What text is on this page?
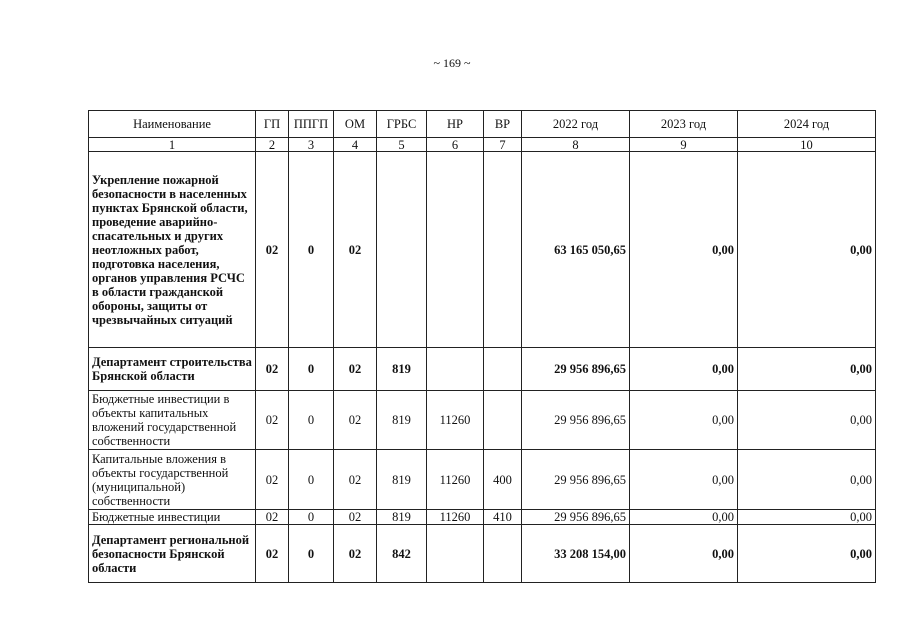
~ 169 ~
Наименование	ГП	ППГП	ОМ	ГРБС	НР	ВР	2022 год	2023 год	2024 год
1	2	3	4	5	6	7	8	9	10
Укрепление пожарной безопасности в населенных пунктах Брянской области, проведение аварийно-спасательных и других неотложных работ, подготовка населения, органов управления РСЧС в области гражданской обороны, защиты от чрезвычайных ситуаций	02	0	02				63 165 050,65	0,00	0,00
Департамент строительства Брянской области	02	0	02	819			29 956 896,65	0,00	0,00
Бюджетные инвестиции в объекты капитальных вложений государственной собственности	02	0	02	819	11260		29 956 896,65	0,00	0,00
Капитальные вложения в объекты государственной (муниципальной) собственности	02	0	02	819	11260	400	29 956 896,65	0,00	0,00
Бюджетные инвестиции	02	0	02	819	11260	410	29 956 896,65	0,00	0,00
Департамент региональной безопасности Брянской области	02	0	02	842			33 208 154,00	0,00	0,00
